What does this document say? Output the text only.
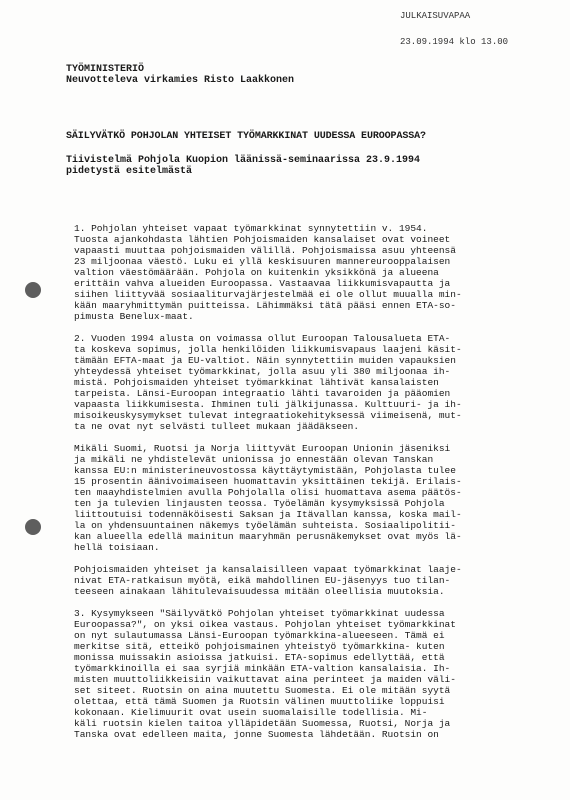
JULKAISUVAPAA
23.09.1994 klo 13.00
TYÖMINISTERIÖ
Neuvotteleva virkamies Risto Laakkonen
SÄILYVÄTKÖ POHJOLAN YHTEISET TYÖMARKKINAT UUDESSA EUROOPASSA?
Tiivistelmä Pohjola Kuopion läänissä-seminaarissa 23.9.1994
pidetystä esitelmästä
1. Pohjolan yhteiset vapaat työmarkkinat synnytettiin v. 1954.
Tuosta ajankohdasta lähtien Pohjoismaiden kansalaiset ovat voineet
vapaasti muuttaa pohjoismaiden välillä. Pohjoismaissa asuu yhteensä
23 miljoonaa väestö. Luku ei yllä keskisuuren mannereurooppalaisen
valtion väestömäärään. Pohjola on kuitenkin yksikkönä ja alueena
erittäin vahva alueiden Euroopassa. Vastaavaa liikkumisvapautta ja
siihen liittyvää sosiaaliturvajärjestelmää ei ole ollut muualla min-
kään maaryhmittymän puitteissa. Lähimmäksi tätä pääsi ennen ETA-so-
pimusta Benelux-maat.
2. Vuoden 1994 alusta on voimassa ollut Euroopan Talousalueta ETA-
ta koskeva sopimus, jolla henkilöiden liikkumisvapaus laajeni käsit-
tämään EFTA-maat ja EU-valtiot. Näin synnytettiin muiden vapauksien
yhteydessä yhteiset työmarkkinat, jolla asuu yli 380 miljoonaa ih-
mistä. Pohjoismaiden yhteiset työmarkkinat lähtivät kansalaisten
tarpeista. Länsi-Euroopan integraatio lähti tavaroiden ja pääomien
vapaasta liikkumisesta. Ihminen tuli jälkijunassa. Kulttuuri- ja ih-
misoikeuskysymykset tulevat integraatiokehityksessä viimeisenä, mut-
ta ne ovat nyt selvästi tulleet mukaan jäädäkseen.
Mikäli Suomi, Ruotsi ja Norja liittyvät Euroopan Unionin jäseniksi
ja mikäli ne yhdistelevät unionissa jo ennestään olevan Tanskan
kanssa EU:n ministerineuvostossa käyttäytymistään, Pohjolasta tulee
15 prosentin äänivoimaiseen huomattavin yksittäinen tekijä. Erilais-
ten maayhdistelmien avulla Pohjolalla olisi huomattava asema päätös-
ten ja tulevien linjausten teossa. Työelämän kysymyksissä Pohjola
liittoutuisi todennäköisesti Saksan ja Itävallan kanssa, koska mail-
la on yhdensuuntainen näkemys työelämän suhteista. Sosiaalipolitii-
kan alueella edellä mainitun maaryhmän perusnäkemykset ovat myös lä-
hellä toisiaan.
Pohjoismaiden yhteiset ja kansalaisilleen vapaat työmarkkinat laaje-
nivat ETA-ratkaisun myötä, eikä mahdollinen EU-jäsenyys tuo tilan-
teeseen ainakaan lähitulevaisuudessa mitään oleellisia muutoksia.
3. Kysymykseen "Säilyvätkö Pohjolan yhteiset työmarkkinat uudessa
Euroopassa?", on yksi oikea vastaus. Pohjolan yhteiset työmarkkinat
on nyt sulautumassa Länsi-Euroopan työmarkkina-alueeseen. Tämä ei
merkitse sitä, etteikö pohjoismainen yhteistyö työmarkkina- kuten
monissa muissakin asioissa jatkuisi. ETA-sopimus edellyttää, että
työmarkkinoilla ei saa syrjiä minkään ETA-valtion kansalaisia. Ih-
misten muuttoliikkeisiin vaikuttavat aina perinteet ja maiden väli-
set siteet. Ruotsin on aina muutettu Suomesta. Ei ole mitään syytä
olettaa, että tämä Suomen ja Ruotsin välinen muuttoliike loppuisi
kokonaan. Kielimuurit ovat usein suomalaisille todellisia. Mi-
käli ruotsin kielen taitoa ylläpidetään Suomessa, Ruotsi, Norja ja
Tanska ovat edelleen maita, jonne Suomesta lähdetään. Ruotsin on
